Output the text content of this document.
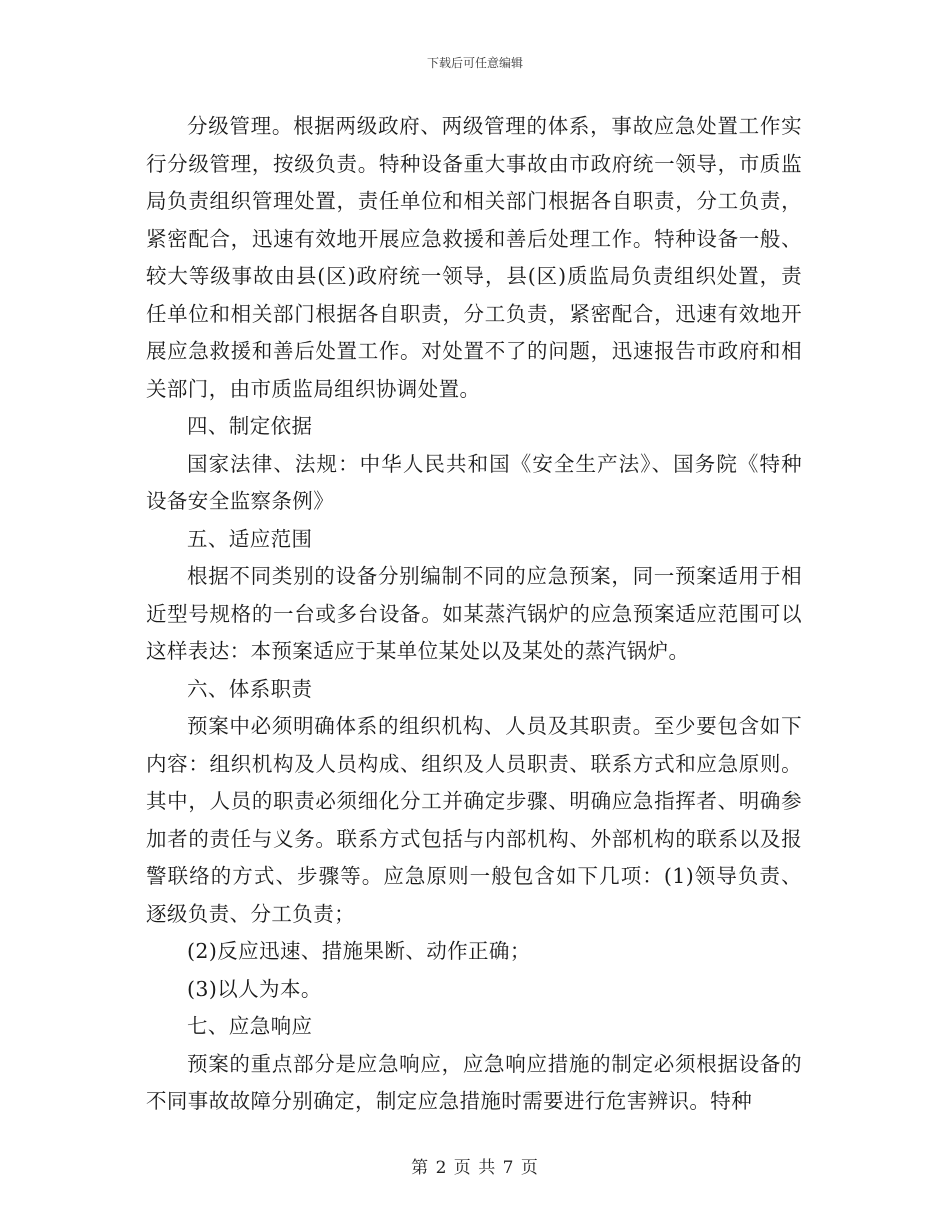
下载后可任意编辑

分级管理。根据两级政府、两级管理的体系，事故应急处置工作实行分级管理，按级负责。特种设备重大事故由市政府统一领导，市质监局负责组织管理处置，责任单位和相关部门根据各自职责，分工负责，紧密配合，迅速有效地开展应急救援和善后处理工作。特种设备一般、较大等级事故由县(区)政府统一领导，县(区)质监局负责组织处置，责任单位和相关部门根据各自职责，分工负责，紧密配合，迅速有效地开展应急救援和善后处置工作。对处置不了的问题，迅速报告市政府和相关部门，由市质监局组织协调处置。

四、制定依据

国家法律、法规：中华人民共和国《安全生产法》、国务院《特种设备安全监察条例》

五、适应范围

根据不同类别的设备分别编制不同的应急预案，同一预案适用于相近型号规格的一台或多台设备。如某蒸汽锅炉的应急预案适应范围可以这样表达：本预案适应于某单位某处以及某处的蒸汽锅炉。

六、体系职责

预案中必须明确体系的组织机构、人员及其职责。至少要包含如下内容：组织机构及人员构成、组织及人员职责、联系方式和应急原则。其中，人员的职责必须细化分工并确定步骤、明确应急指挥者、明确参加者的责任与义务。联系方式包括与内部机构、外部机构的联系以及报警联络的方式、步骤等。应急原则一般包含如下几项：(1)领导负责、逐级负责、分工负责；

(2)反应迅速、措施果断、动作正确；

(3)以人为本。

七、应急响应

预案的重点部分是应急响应，应急响应措施的制定必须根据设备的不同事故故障分别确定，制定应急措施时需要进行危害辨识。特种

第 2 页 共 7 页
